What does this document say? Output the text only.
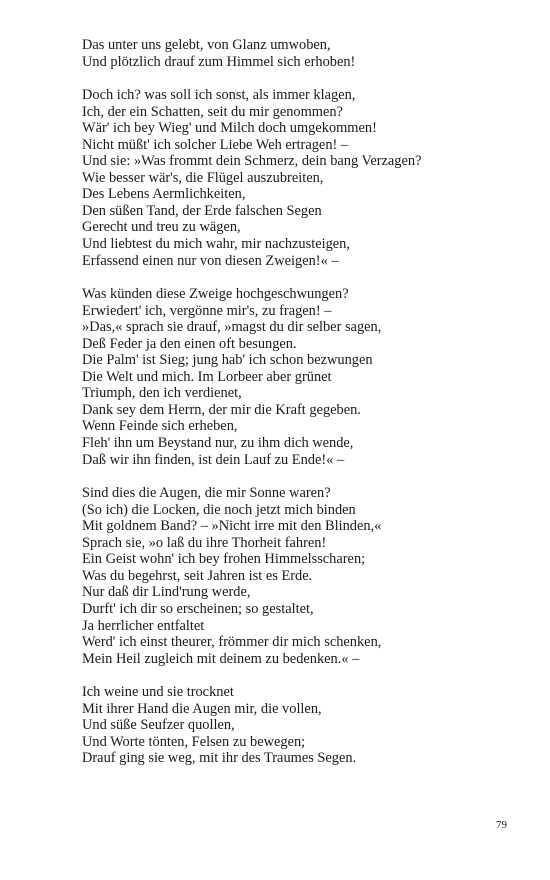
Das unter uns gelebt, von Glanz umwoben,
Und plötzlich drauf zum Himmel sich erhoben!
Doch ich? was soll ich sonst, als immer klagen,
Ich, der ein Schatten, seit du mir genommen?
Wär' ich bey Wieg' und Milch doch umgekommen!
Nicht müßt' ich solcher Liebe Weh ertragen! –
Und sie: »Was frommt dein Schmerz, dein bang Verzagen?
Wie besser wär's, die Flügel auszubreiten,
Des Lebens Aermlichkeiten,
Den süßen Tand, der Erde falschen Segen
Gerecht und treu zu wägen,
Und liebtest du mich wahr, mir nachzusteigen,
Erfassend einen nur von diesen Zweigen!« –
Was künden diese Zweige hochgeschwungen?
Erwiedert' ich, vergönne mir's, zu fragen! –
»Das,« sprach sie drauf, »magst du dir selber sagen,
Deß Feder ja den einen oft besungen.
Die Palm' ist Sieg; jung hab' ich schon bezwungen
Die Welt und mich. Im Lorbeer aber grünet
Triumph, den ich verdienet,
Dank sey dem Herrn, der mir die Kraft gegeben.
Wenn Feinde sich erheben,
Fleh' ihn um Beystand nur, zu ihm dich wende,
Daß wir ihn finden, ist dein Lauf zu Ende!« –
Sind dies die Augen, die mir Sonne waren?
(So ich) die Locken, die noch jetzt mich binden
Mit goldnem Band? – »Nicht irre mit den Blinden,«
Sprach sie, »o laß du ihre Thorheit fahren!
Ein Geist wohn' ich bey frohen Himmelsscharen;
Was du begehrst, seit Jahren ist es Erde.
Nur daß dir Lind'rung werde,
Durft' ich dir so erscheinen; so gestaltet,
Ja herrlicher entfaltet
Werd' ich einst theurer, frömmer dir mich schenken,
Mein Heil zugleich mit deinem zu bedenken.« –
Ich weine und sie trocknet
Mit ihrer Hand die Augen mir, die vollen,
Und süße Seufzer quollen,
Und Worte tönten, Felsen zu bewegen;
Drauf ging sie weg, mit ihr des Traumes Segen.
79
